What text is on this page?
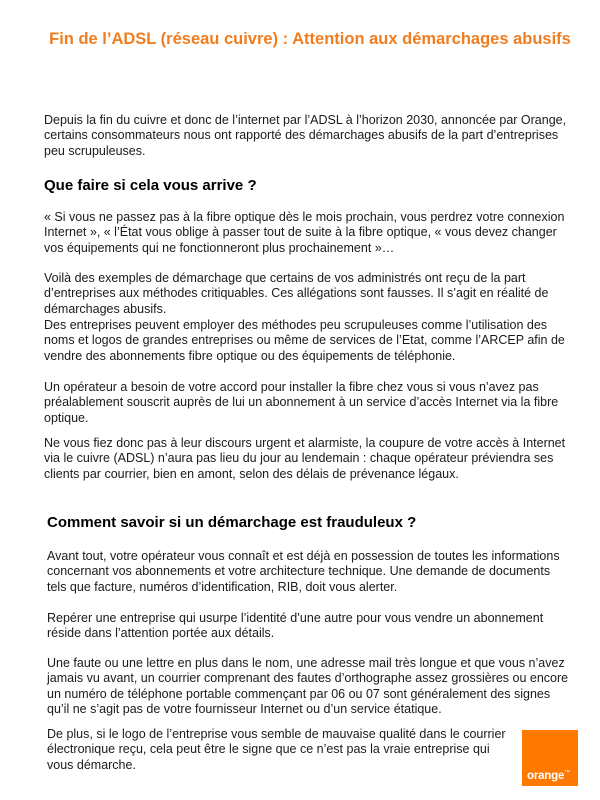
Fin de l’ADSL (réseau cuivre) : Attention aux démarchages abusifs

Depuis la fin du cuivre et donc de l’internet par l’ADSL à l’horizon 2030, annoncée par Orange, certains consommateurs nous ont rapporté des démarchages abusifs de la part d’entreprises peu scrupuleuses.

Que faire si cela vous arrive ?

« Si vous ne passez pas à la fibre optique dès le mois prochain, vous perdrez votre connexion Internet », « l’État vous oblige à passer tout de suite à la fibre optique, « vous devez changer vos équipements qui ne fonctionneront plus prochainement »…

Voilà des exemples de démarchage que certains de vos administrés ont reçu de la part d’entreprises aux méthodes critiquables. Ces allégations sont fausses. Il s’agit en réalité de démarchages abusifs.

Des entreprises peuvent employer des méthodes peu scrupuleuses comme l’utilisation des noms et logos de grandes entreprises ou même de services de l’Etat, comme l’ARCEP afin de vendre des abonnements fibre optique ou des équipements de téléphonie.

Un opérateur a besoin de votre accord pour installer la fibre chez vous si vous n’avez pas préalablement souscrit auprès de lui un abonnement à un service d’accès Internet via la fibre optique.

Ne vous fiez donc pas à leur discours urgent et alarmiste, la coupure de votre accès à Internet via le cuivre (ADSL) n’aura pas lieu du jour au lendemain : chaque opérateur préviendra ses clients par courrier, bien en amont, selon des délais de prévenance légaux.

Comment savoir si un démarchage est frauduleux ?

Avant tout, votre opérateur vous connaît et est déjà en possession de toutes les informations concernant vos abonnements et votre architecture technique. Une demande de documents tels que facture, numéros d’identification, RIB, doit vous alerter.

Repérer une entreprise qui usurpe l’identité d’une autre pour vous vendre un abonnement réside dans l’attention portée aux détails.

Une faute ou une lettre en plus dans le nom, une adresse mail très longue et que vous n’avez jamais vu avant, un courrier comprenant des fautes d’orthographe assez grossières ou encore un numéro de téléphone portable commençant par 06 ou 07 sont généralement des signes qu’il ne s’agit pas de votre fournisseur Internet ou d’un service étatique.

De plus, si le logo de l’entreprise vous semble de mauvaise qualité dans le courrier électronique reçu, cela peut être le signe que ce n’est pas la vraie entreprise qui vous démarche.

orange™
